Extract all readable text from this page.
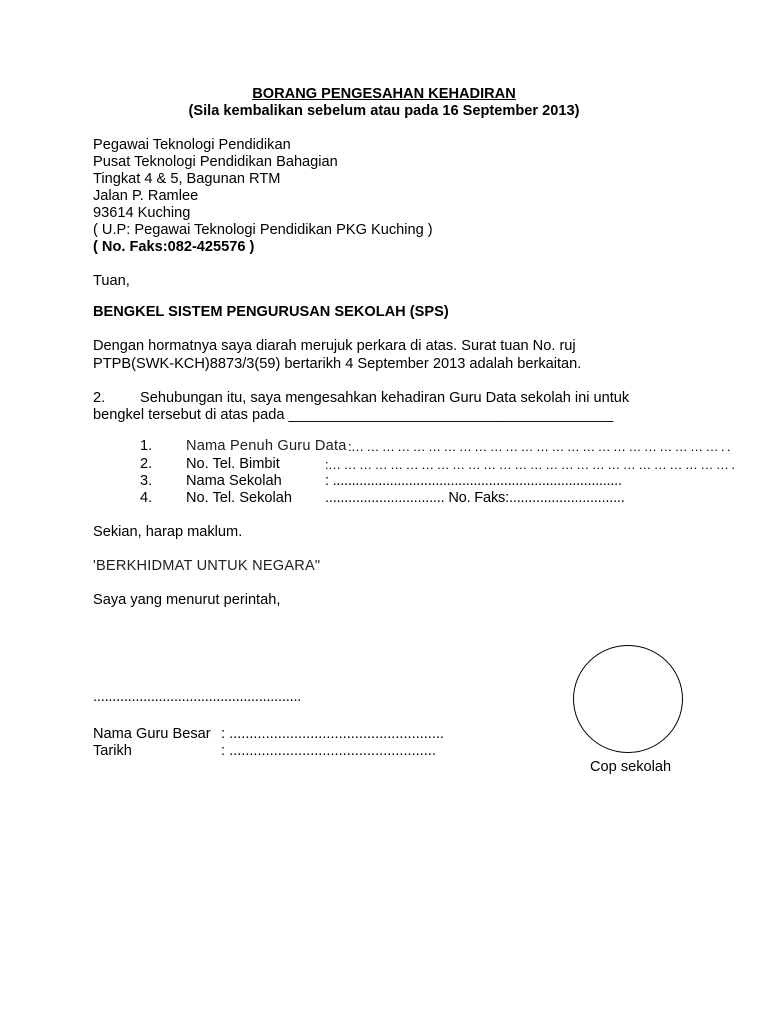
BORANG PENGESAHAN KEHADIRAN
(Sila kembalikan sebelum atau pada 16 September 2013)
Pegawai Teknologi Pendidikan
Pusat Teknologi Pendidikan Bahagian
Tingkat 4 & 5, Bagunan RTM
Jalan P. Ramlee
93614 Kuching
( U.P: Pegawai Teknologi Pendidikan PKG Kuching )
( No. Faks:082-425576 )
Tuan,
BENGKEL SISTEM PENGURUSAN SEKOLAH (SPS)
Dengan hormatnya saya diarah merujuk perkara di atas. Surat tuan No. ruj
PTPB(SWK-KCH)8873/3(59) bertarikh 4 September 2013 adalah berkaitan.
2. Sehubungan itu, saya mengesahkan kehadiran Guru Data sekolah ini untuk
bengkel tersebut di atas pada ________________________________________
1. Nama Penuh Guru Data :… … … … … … … … … … … … … … … … … … … … … … … … . .
2. No. Tel. Bimbit	:… … … … … … … … … … … … … … … … … … … … … … … … … … .
3. Nama Sekolah	: ............................................................................
4. No. Tel. Sekolah ............................... No. Faks:..............................
Sekian, harap maklum.
'BERKHIDMAT UNTUK NEGARA"
Saya yang menurut perintah,
......................................................
Nama Guru Besar : .....................................................
Tarikh	: ...................................................
Cop sekolah
